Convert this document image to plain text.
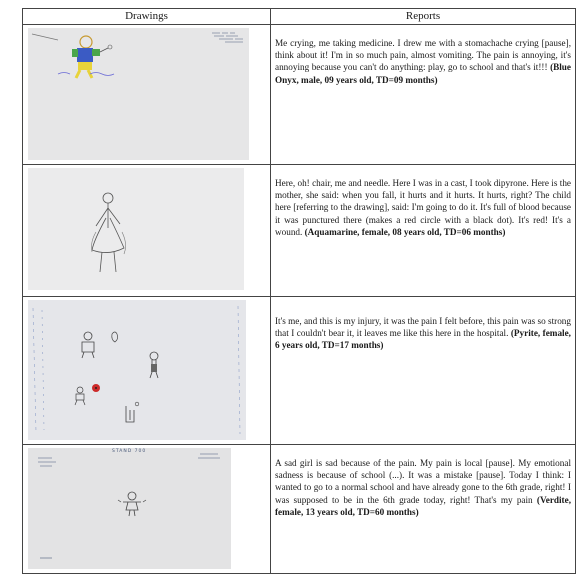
Drawings	Reports

Me crying, me taking medicine. I drew me with a stomachache crying [pause], think about it! I'm in so much pain, almost vomiting. The pain is annoying, it's annoying because you can't do anything: play, go to school and that's it!!! (Blue Onyx, male, 09 years old, TD=09 months)

Here, oh! chair, me and needle. Here I was in a cast, I took dipyrone. Here is the mother, she said: when you fall, it hurts and it hurts. It hurts, right? The child here [referring to the drawing], said: I'm going to do it. It's full of blood because it was punctured there (makes a red circle with a black dot). It's red! It's a wound. (Aquamarine, female, 08 years old, TD=06 months)

It's me, and this is my injury, it was the pain I felt before, this pain was so strong that I couldn't bear it, it leaves me like this here in the hospital. (Pyrite, female, 6 years old, TD=17 months)

STAND 700	A sad girl is sad because of the pain. My pain is local [pause]. My emotional sadness is because of school (...). It was a mistake [pause]. Today I think: I wanted to go to a normal school and have already gone to the 6th grade, right! I was supposed to be in the 6th grade today, right! That's my pain (Verdite, female, 13 years old, TD=60 months)
